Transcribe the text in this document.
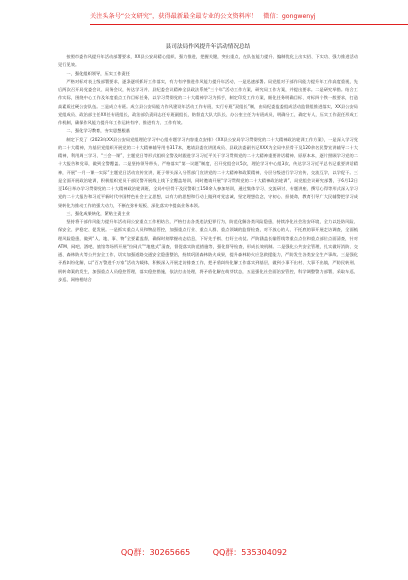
关注头条号“公文研究”，获得最新最全最专业的公文资料库！ 微信：gongwenyj
县司法局作风提升年活动情况总结

按照市委作风提升年活动部署要求，XX县公安局精心组织、强力推进，把握关键，突出重点，在队伍能力提升、编制优化上出实招、下实功、强力推进活动见行见效。

一、强化组织领导，压实工作责任

严格对标对表上级部署要求，逐条逐项抓好工作落实，有力有序推进作风能力提升年活动，一是迅速部署。局党组对于部作风能力提升年工作高度重视，先后两次召开局党委会议、局务会议，传达学习并、县纪委会议精神全县政法系统“三个年”活动工作方案，研究局工作方案，并提出要求。二是研究举措。结合工作实际，围绕中心工作及年度重点工作目标任务，以学习贯彻党的二十大精神学习为抓手，制定印发工作方案，细化任务明确目标、对标四个铁一般要求，打造高素质过硬公安队伍。三是成立专班。成立县公安局能力作风建设年活动工作专班，实行专班“双组长”制，由局纪委监委组成活动监督组推进落实，XX县公安局党组成员、政治部主任XX任专班组长，政治部负责同志任专班副组长，陪督直大队大队长、办公室主任为专班成员，明确分工，确定专人，压实工作责任形成工作机制，确保作风能力提升年工作运转有序、推进有力、工作有效。

二、强化学习教育，夯实思想根基

制定下发了《2023年XX县公安局党组理论学习中心组专题学习内容重点安排》《XX县公安局学习贯彻党的二十大精神政治轮训工作方案》，一是深入学习党的二十大精神，为基层党组织开展党的二十大精神辅导用书317本，邀请县委宣讲团成员、县政法委副书记XXX为全局中层骨干及120余名民警宣讲辅导二十大精神，利用周三学习、“三会一课”，主题党日等形式组织全警及时跟进学习习近平关于学习贯彻党的二十大精神重要讲话精神、原原本本，逐片照顾学习党的二十大报告和党章，做到全警覆盖。二是坚持领导带头，严格落实“第一议题”制度，召开党组会议5次，理论学习中心组3次，传达学习习近平总书记重要讲话精神，开展“一月一课一实际”主题党日活动宣传宣讲，班子带头深入分管部门宣讲党的二十大精神和政策精神，分层分级进行学习宣传，交流互学，以学促干。三是全面开展政治轮训，积极组织党员干部民警开展线上线下全覆盖培训，同时邀请开展“学习贯彻党的二十大精神政治轮训”，局党组会议研究部署，于6月12日至16日举办学习贯彻党的二十大精神政治轮训班，全局中层骨干及民警职工150余人参加培训，通过集体学习、交流研讨、专题讲座、撰写心得等形式深入学习党的二十大报告和习近平新时代中国特色社会主义思想，以有力的思想和行动上做到对党忠诚，坚定理想信念，守初心、担使命，教育引导广大民辅警把学习成果转化为推动工作的强大动力，不断在弥补短板、深化落实中提高业务本领。

三、强化成果转化，紧贴主责主业

坚持将干部作风能力提升年活动同公安重点工作相结合，严格打击各类违法犯罪行为，防范化解各类风险隐患，持续净化社会治安环境，全力以赴防风险、保安全、护稳定、促发展。一是抓实重点人员和物品管控，加强重点行业、重点人群、重点领域的监督检查，对不放心的人、不托底的事开展走访调查，全面梳理风险隐患，做到“人、地、事、物”全要素监督，确保时刻掌握动态信息，下好先手棋、打好主动仗。严防涵盖长输管线等重点点位和重点部位点面清查，针对ATM、网吧、酒吧、旅馆等场所开展“拉网式”“地毯式”清查，督促落实防范措施等，强化督导检查，形成长效机制。二是强化公共安全管理，扎实做好消防、交通、森林防火等公共安全工作，切实加强道路交通安全隐患整治，持续巩固森林防火成果，提升森林防火应急救援能力，严防发生各类安全生产事故。三是强化矛盾纠纷化解，以“百万警进千万家”活动为载体，积极深入开展走访排查工作，把矛盾纠纷化解工作落实到基层，做到小事不出村、大事不出镇，严防民转刑、刑转命案的发生，加强重点人员稳控管理，落实稳控措施，依法打击处理，将矛盾化解在萌芽状态，五是强化社会面治安管控，科学调整警力部署，采取车巡、步巡、网格相结合

QQ群：30265665	QQ群：535304092
